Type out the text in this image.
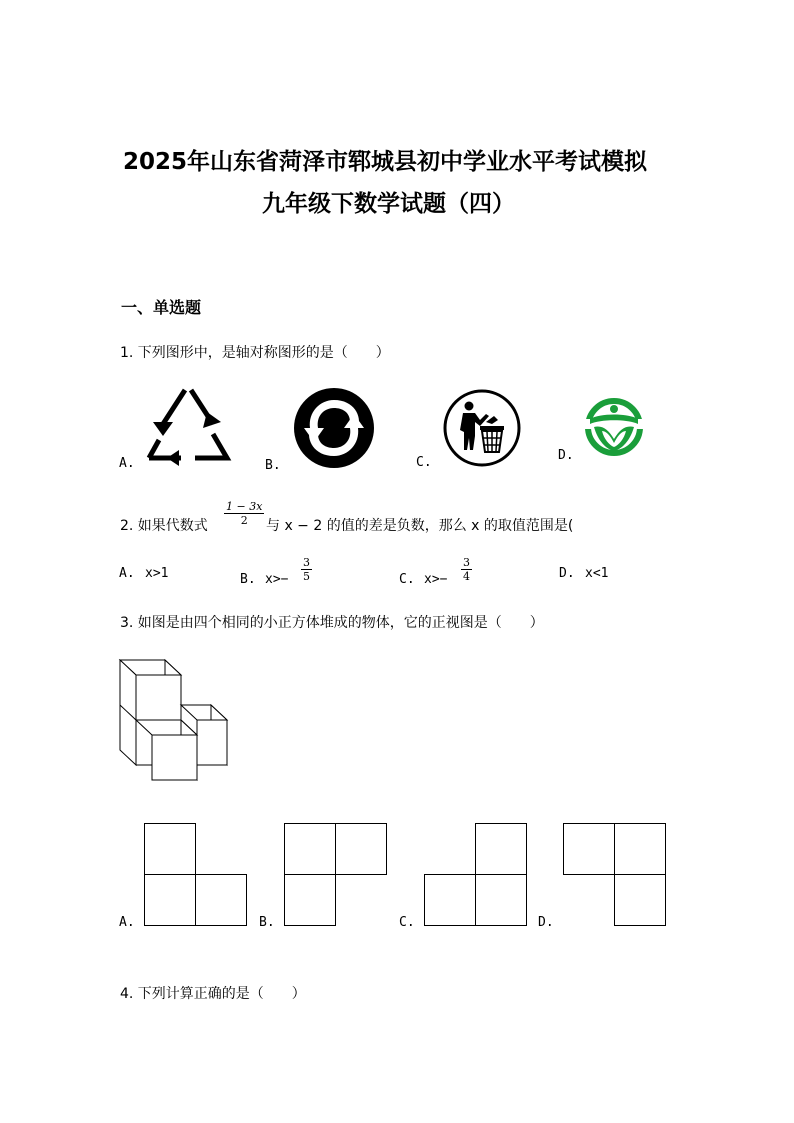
2025年山东省菏泽市郓城县初中学业水平考试模拟
九年级下数学试题（四）
一、单选题
1. 下列图形中，是轴对称图形的是（　　）
A.	B.	C.	D.
2. 如果代数式 $\frac{1 - 3x}{2}$ 与 x − 2 的值的差是负数，那么 x 的取值范围是(
A. x>1	B. $x>- \frac{3}{5}$	C. $x>- \frac{3}{4}$	D. x<1
3. 如图是由四个相同的小正方体堆成的物体，它的正视图是（　　）
A.	B.	C.	D.
4. 下列计算正确的是（　　）
